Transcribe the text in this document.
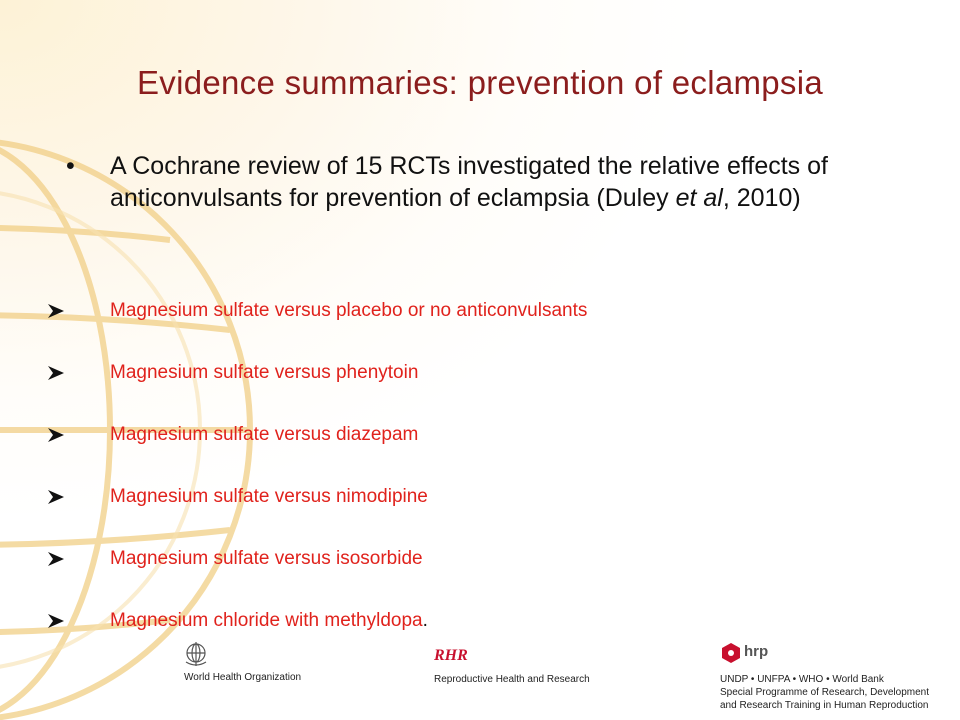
Evidence summaries: prevention of eclampsia
• A Cochrane review of 15 RCTs investigated the relative effects of anticonvulsants for prevention of eclampsia (Duley et al, 2010)
Magnesium sulfate versus placebo or no anticonvulsants
Magnesium sulfate versus phenytoin
Magnesium sulfate versus diazepam
Magnesium sulfate versus nimodipine
Magnesium sulfate versus isosorbide
Magnesium chloride with methyldopa.
World Health Organization
RHR
Reproductive Health and Research
hrp
UNDP • UNFPA • WHO • World Bank
Special Programme of Research, Development
and Research Training in Human Reproduction
